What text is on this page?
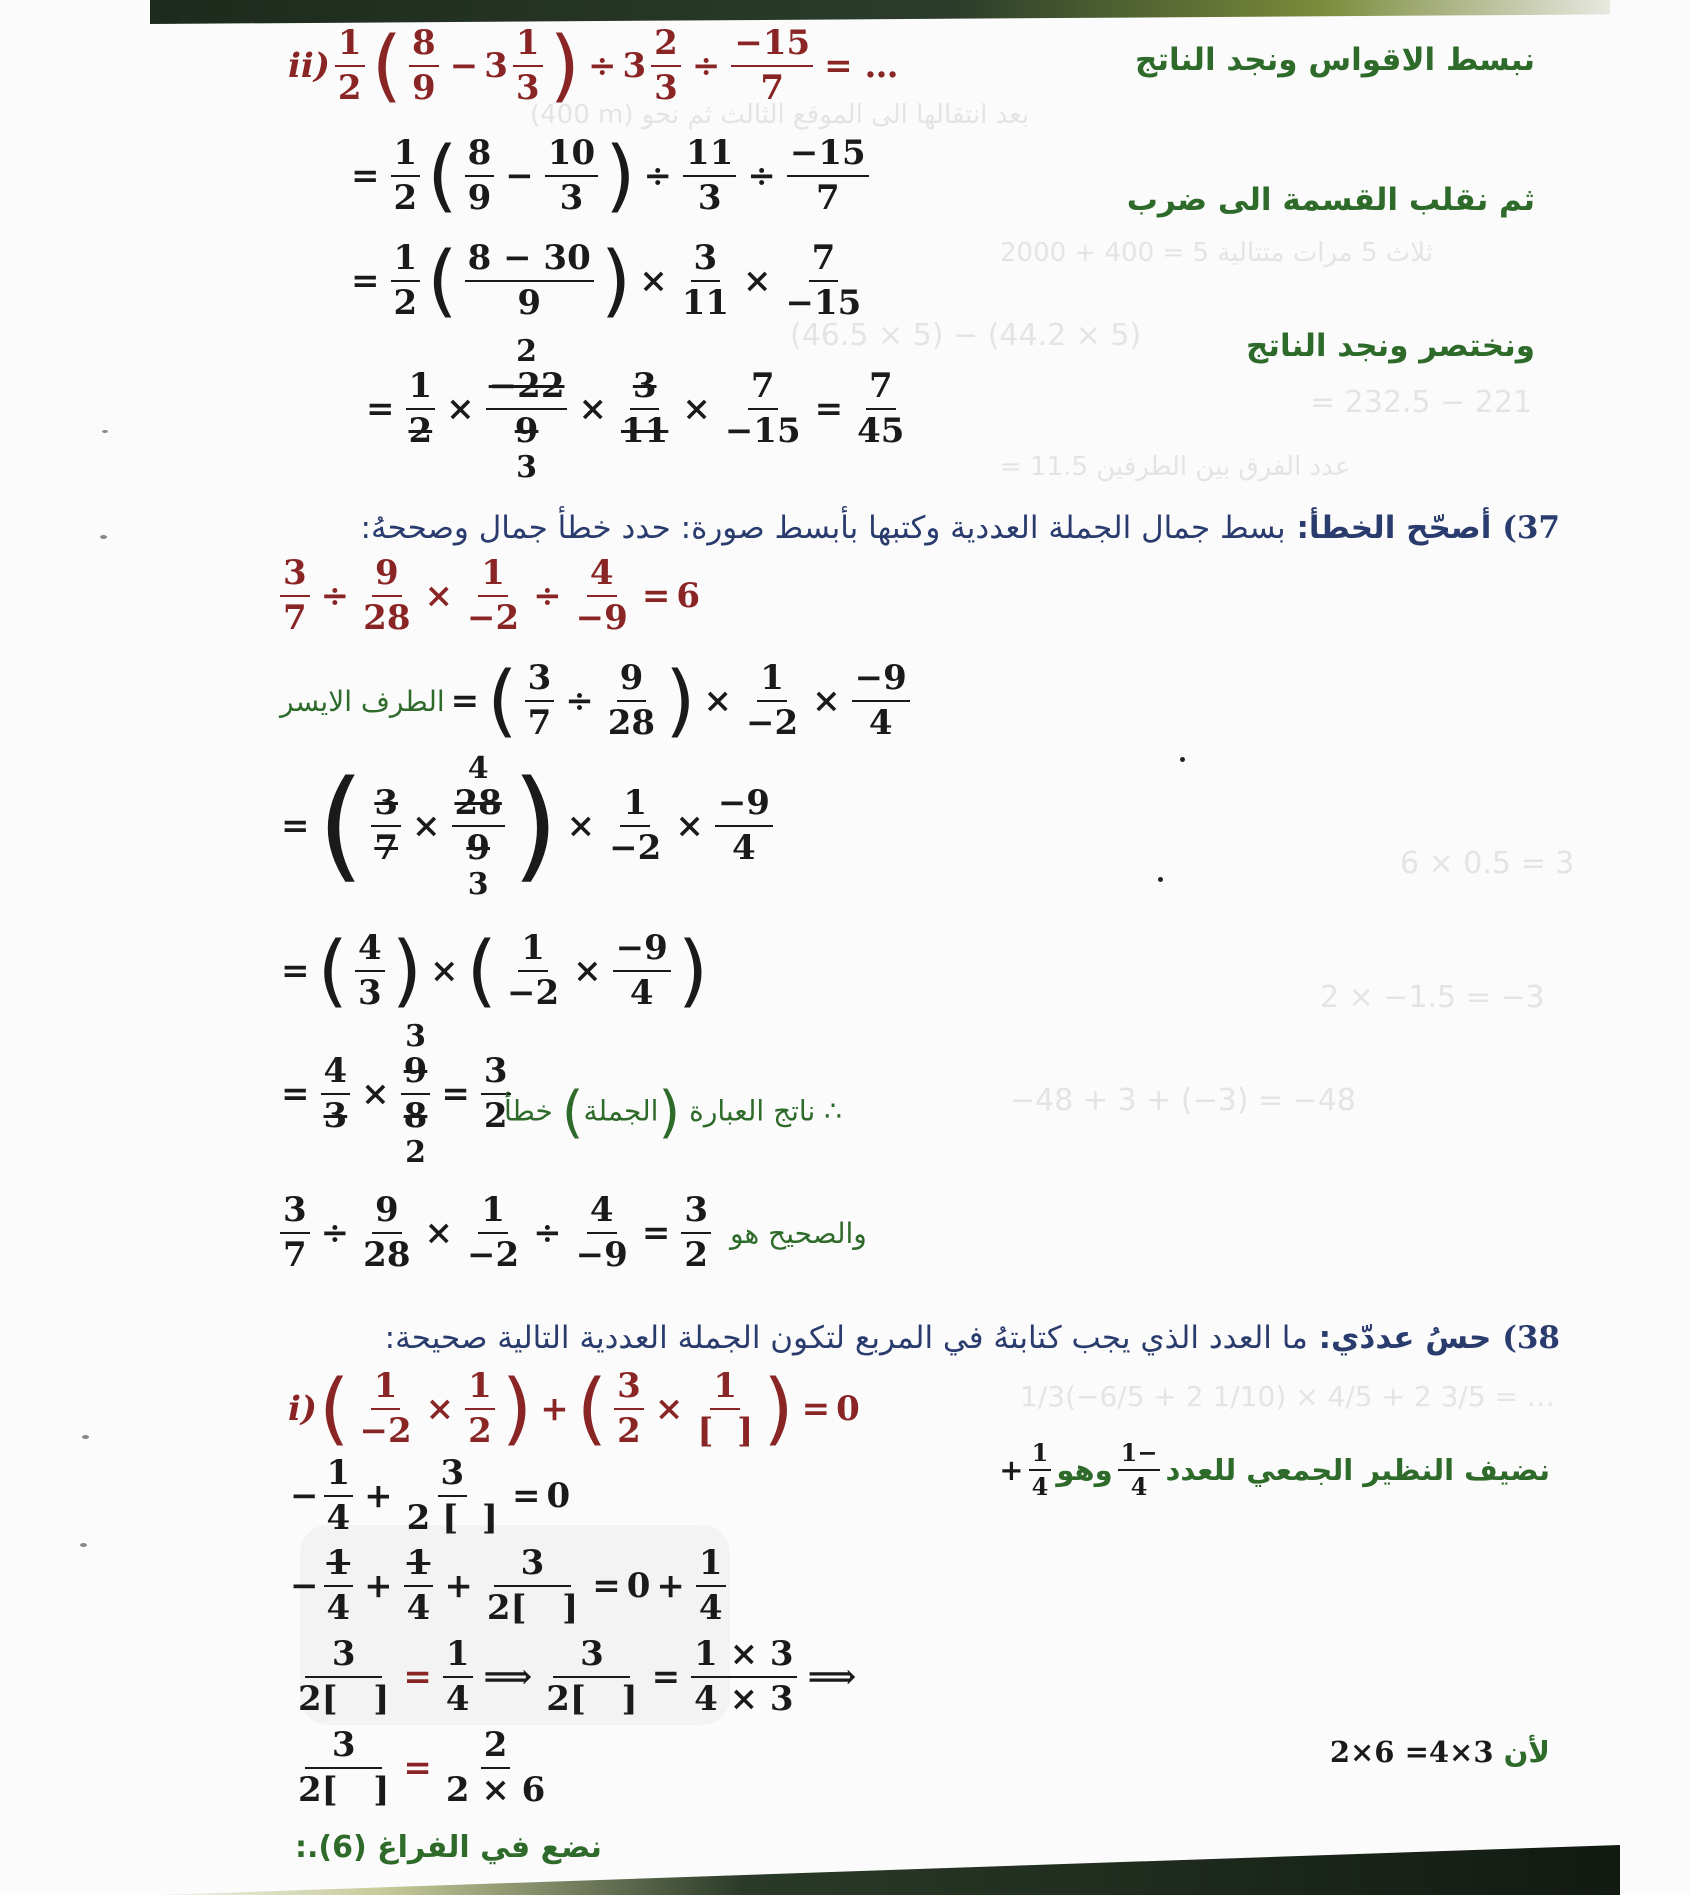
(400 m) بعد انتقالها الى الموقع الثالث ثم نحو
2000 + 400 = 5 ثلاث 5 مرات متتالية
(46.5 × 5) − (44.2 × 5)
= 232.5 − 221
= 11.5 عدد الفرق بين الطرفين
6 × 0.5 = 3
2 × −1.5 = −3
−48 + 3 + (−3) = −48
1/3(−6/5 + 2 1/10) × 4/5 + 2 3/5 = …
نبسط الاقواس ونجد الناتج
ثم نقلب القسمة الى ضرب
ونختصر ونجد الناتج
$ii) \frac{1}{2}$ ( $\frac{8}{9} - 3 \frac{1}{3}$ ) ÷ $3 \frac{2}{3} \div \frac{-15}{7}$ = …
= $\frac{1}{2}$ ( $\frac{8}{9} - \frac{10}{3}$ ) ÷ $\frac{11}{3} \div \frac{-15}{7}$
= $\frac{1}{2}$ ( $\frac{8 - 30}{9}$ ) × $\frac{3}{11} \times \frac{7}{-15}$
= $\frac{1}{2}$ ×
2
$\frac{-22}{9}$
3
× $\frac{3}{11} \times \frac{7}{-15} = \frac{7}{45}$
37) أصحّح الخطأ: بسط جمال الجملة العددية وكتبها بأبسط صورة: حدد خطأ جمال وصححهُ:
$\frac{3}{7} \div \frac{9}{28} \times \frac{1}{-2} \div \frac{4}{-9} = 6$
الطرف الايسر = ( $\frac{3}{7} \div \frac{9}{28}$ ) × $\frac{1}{-2} \times \frac{-9}{4}$
= ( $\frac{3}{7}$ ×
4
$\frac{28}{9}$
3 ) × $\frac{1}{-2} \times \frac{-9}{4}$
= ( $\frac{4}{3}$ ) × ( $\frac{1}{-2} \times \frac{-9}{4}$ )
= $\frac{4}{3}$ ×
3
$\frac{9}{8}$
2
= $\frac{3}{2}$	∴ ناتج العبارة (الجملة) خطأ
$\frac{3}{7} \div \frac{9}{28} \times \frac{1}{-2} \div \frac{4}{-9} = \frac{3}{2}$ والصحيح هو
38) حسُ عددّي: ما العدد الذي يجب كتابتهُ في المربع لتكون الجملة العددية التالية صحيحة:
i) ( $\frac{1}{-2} \times \frac{1}{2}$ ) + ( $\frac{3}{2} \times \frac{1}{[ ]}$ ) = 0
نضيف النظير الجمعي للعدد
$\frac{-1}{4}$
وهو
$\frac{1}{4}$
+
− $\frac{1}{4} + \frac{3}{2 [ ]} = 0$
− $\frac{1}{4} + \frac{1}{4} + \frac{3}{2[ ]} = 0 + \frac{1}{4}$
$\frac{3}{2[ ]} = \frac{1}{4}$ ⟹ $\frac{3}{2[ ]} = \frac{1 \times 3}{4 \times 3}$ ⟹
لأن 2×6 =4×3
$\frac{3}{2[ ]} = \frac{2}{2 \times 6}$
نضع في الفراغ (6).:
